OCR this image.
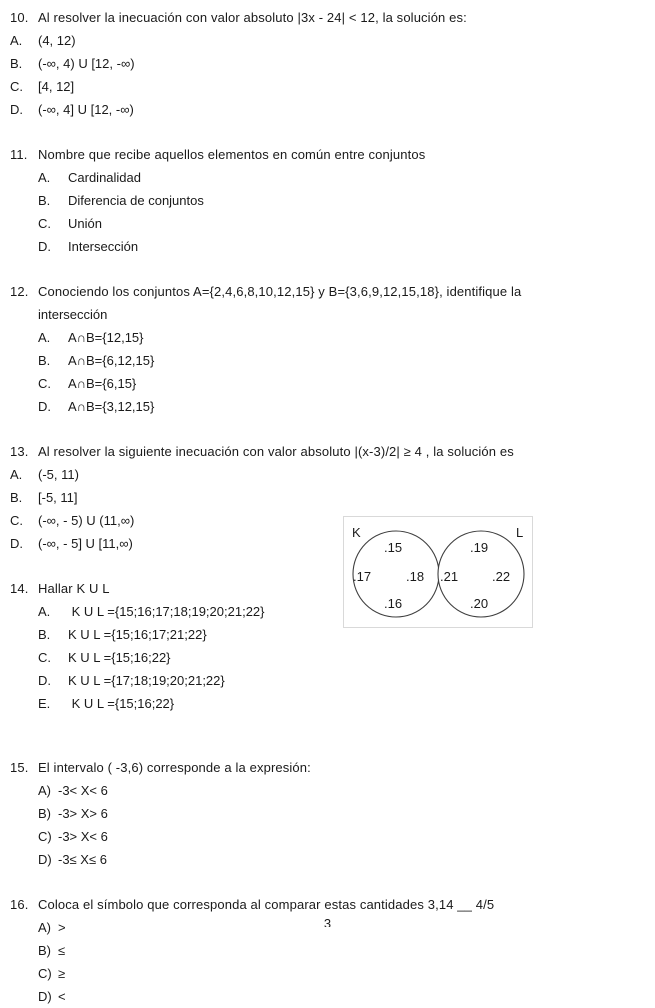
10. Al resolver la inecuación con valor absoluto |3x - 24| < 12, la solución es:
A.	(4, 12)
B.	(-∞, 4) U [12, -∞)
C.	[4, 12]
D.	(-∞, 4] U [12, -∞)
11. Nombre que recibe aquellos elementos en común entre conjuntos
A.	Cardinalidad
B.	Diferencia de conjuntos
C.	Unión
D.	Intersección
12. Conociendo los conjuntos A={2,4,6,8,10,12,15} y B={3,6,9,12,15,18}, identifique la
intersección
A.	A∩B={12,15}
B.	A∩B={6,12,15}
C.	A∩B={6,15}
D.	A∩B={3,12,15}
13. Al resolver la siguiente inecuación con valor absoluto |(x-3)/2| ≥ 4 , la solución es
A.	(-5, 11)
B.	[-5, 11]
C.	(-∞, - 5) U (11,∞)
D.	(-∞, - 5] U [11,∞)
14. Hallar K U L
A.	K U L ={15;16;17;18;19;20;21;22}
B.	K U L ={15;16;17;21;22}
C.	K U L ={15;16;22}
D.	K U L ={17;18;19;20;21;22}
E.	K U L ={15;16;22}
15. El intervalo ( -3,6) corresponde a la expresión:
A) -3< X< 6
B) -3> X> 6
C) -3> X< 6
D) -3≤ X≤ 6
16. Coloca el símbolo que corresponda al comparar estas cantidades 3,14 __ 4/5
A) >
B) ≤
C) ≥
D) <
K	L
.15
.17	.18
.16
.19
.21	.22
.20
3
